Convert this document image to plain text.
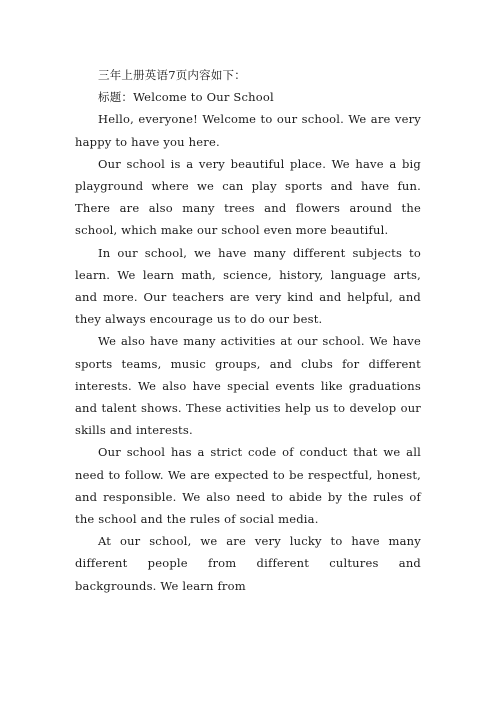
三年上册英语7页内容如下：

标题：Welcome to Our School

Hello, everyone! Welcome to our school. We are very happy to have you here.

Our school is a very beautiful place. We have a big playground where we can play sports and have fun. There are also many trees and flowers around the school, which make our school even more beautiful.

In our school, we have many different subjects to learn. We learn math, science, history, language arts, and more. Our teachers are very kind and helpful, and they always encourage us to do our best.

We also have many activities at our school. We have sports teams, music groups, and clubs for different interests. We also have special events like graduations and talent shows. These activities help us to develop our skills and interests.

Our school has a strict code of conduct that we all need to follow. We are expected to be respectful, honest, and responsible. We also need to abide by the rules of the school and the rules of social media.

At our school, we are very lucky to have many different people from different cultures and backgrounds. We learn from
